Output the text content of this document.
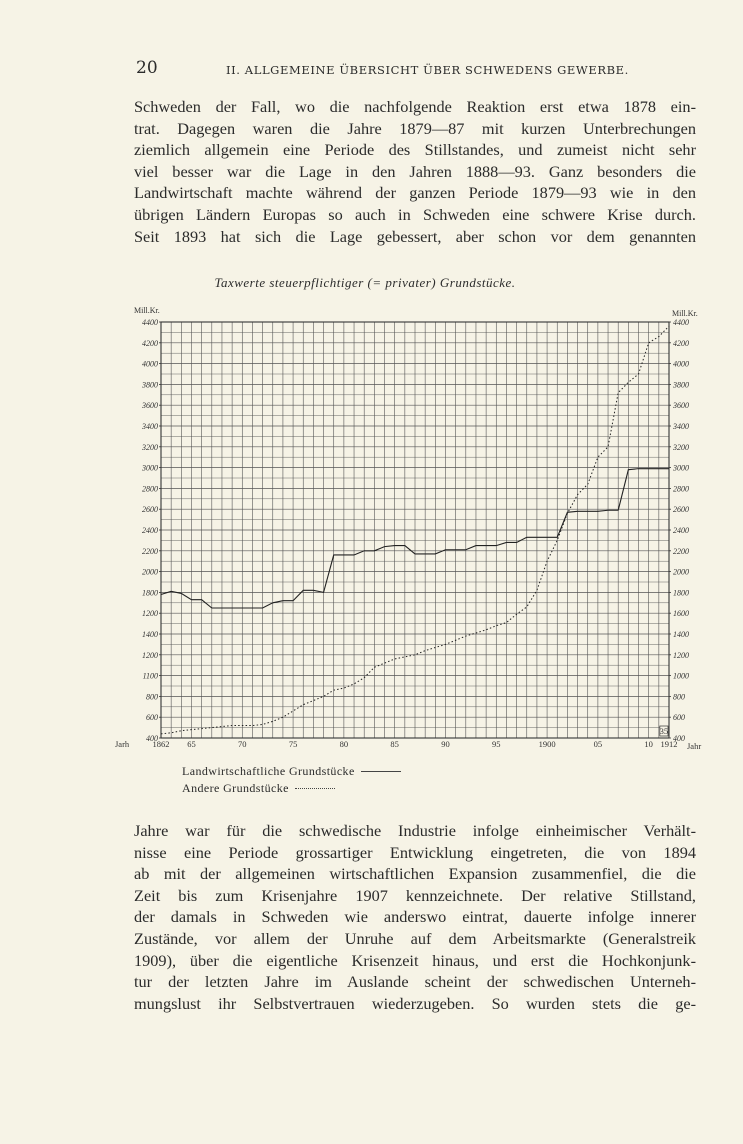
20	II. ALLGEMEINE ÜBERSICHT ÜBER SCHWEDENS GEWERBE.
Schweden der Fall, wo die nachfolgende Reaktion erst etwa 1878 ein-
trat. Dagegen waren die Jahre 1879—87 mit kurzen Unterbrechungen
ziemlich allgemein eine Periode des Stillstandes, und zumeist nicht sehr
viel besser war die Lage in den Jahren 1888—93. Ganz besonders die
Landwirtschaft machte während der ganzen Periode 1879—93 wie in den
übrigen Ländern Europas so auch in Schweden eine schwere Krise durch.
Seit 1893 hat sich die Lage gebessert, aber schon vor dem genannten
Taxwerte steuerpflichtiger (= privater) Grundstücke.
400	400
600	600
800	800
1100	1000
1200	1200
1400	1400
1200	1600
1800	1800
2000	2000
2200	2200
2400	2400
2600	2600
2800	2800
3000	3000
3200	3200
3400	3400
3600	3600
3800	3800
4000	4000
4200	4200
4400	4400
Mill.Kr.	Mill.Kr.
1862 65	70	75	80	85	90	95	1900	05	10 1912
Jarh	Jahr
35
Landwirtschaftliche Grundstücke
Andere Grundstücke
Jahre war für die schwedische Industrie infolge einheimischer Verhält-
nisse eine Periode grossartiger Entwicklung eingetreten, die von 1894
ab mit der allgemeinen wirtschaftlichen Expansion zusammenfiel, die die
Zeit bis zum Krisenjahre 1907 kennzeichnete. Der relative Stillstand,
der damals in Schweden wie anderswo eintrat, dauerte infolge innerer
Zustände, vor allem der Unruhe auf dem Arbeitsmarkte (Generalstreik
1909), über die eigentliche Krisenzeit hinaus, und erst die Hochkonjunk-
tur der letzten Jahre im Auslande scheint der schwedischen Unterneh-
mungslust ihr Selbstvertrauen wiederzugeben. So wurden stets die ge-
